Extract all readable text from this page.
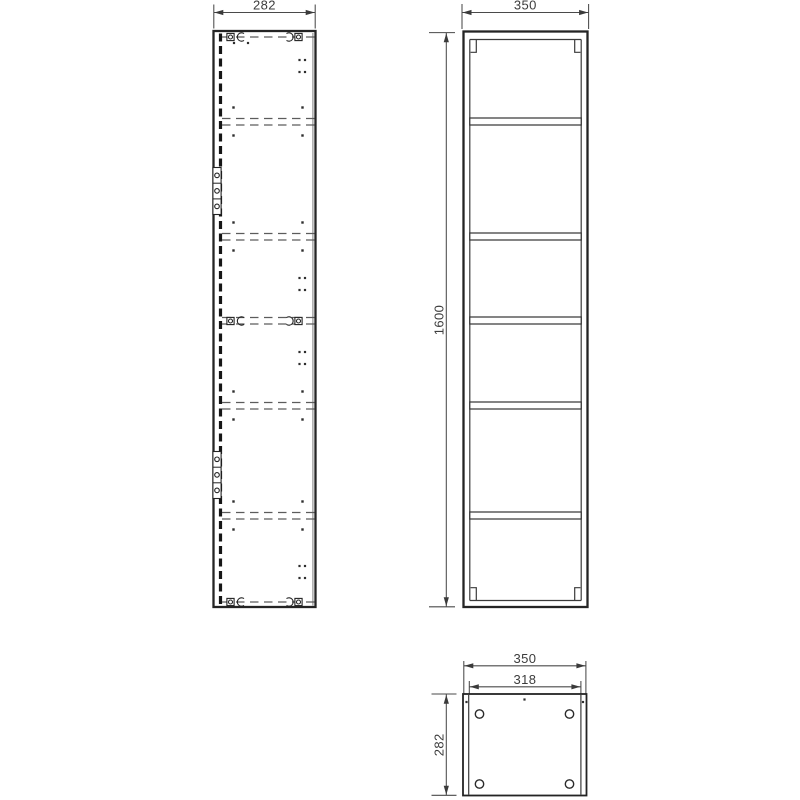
282	350
1600
350
318
282
